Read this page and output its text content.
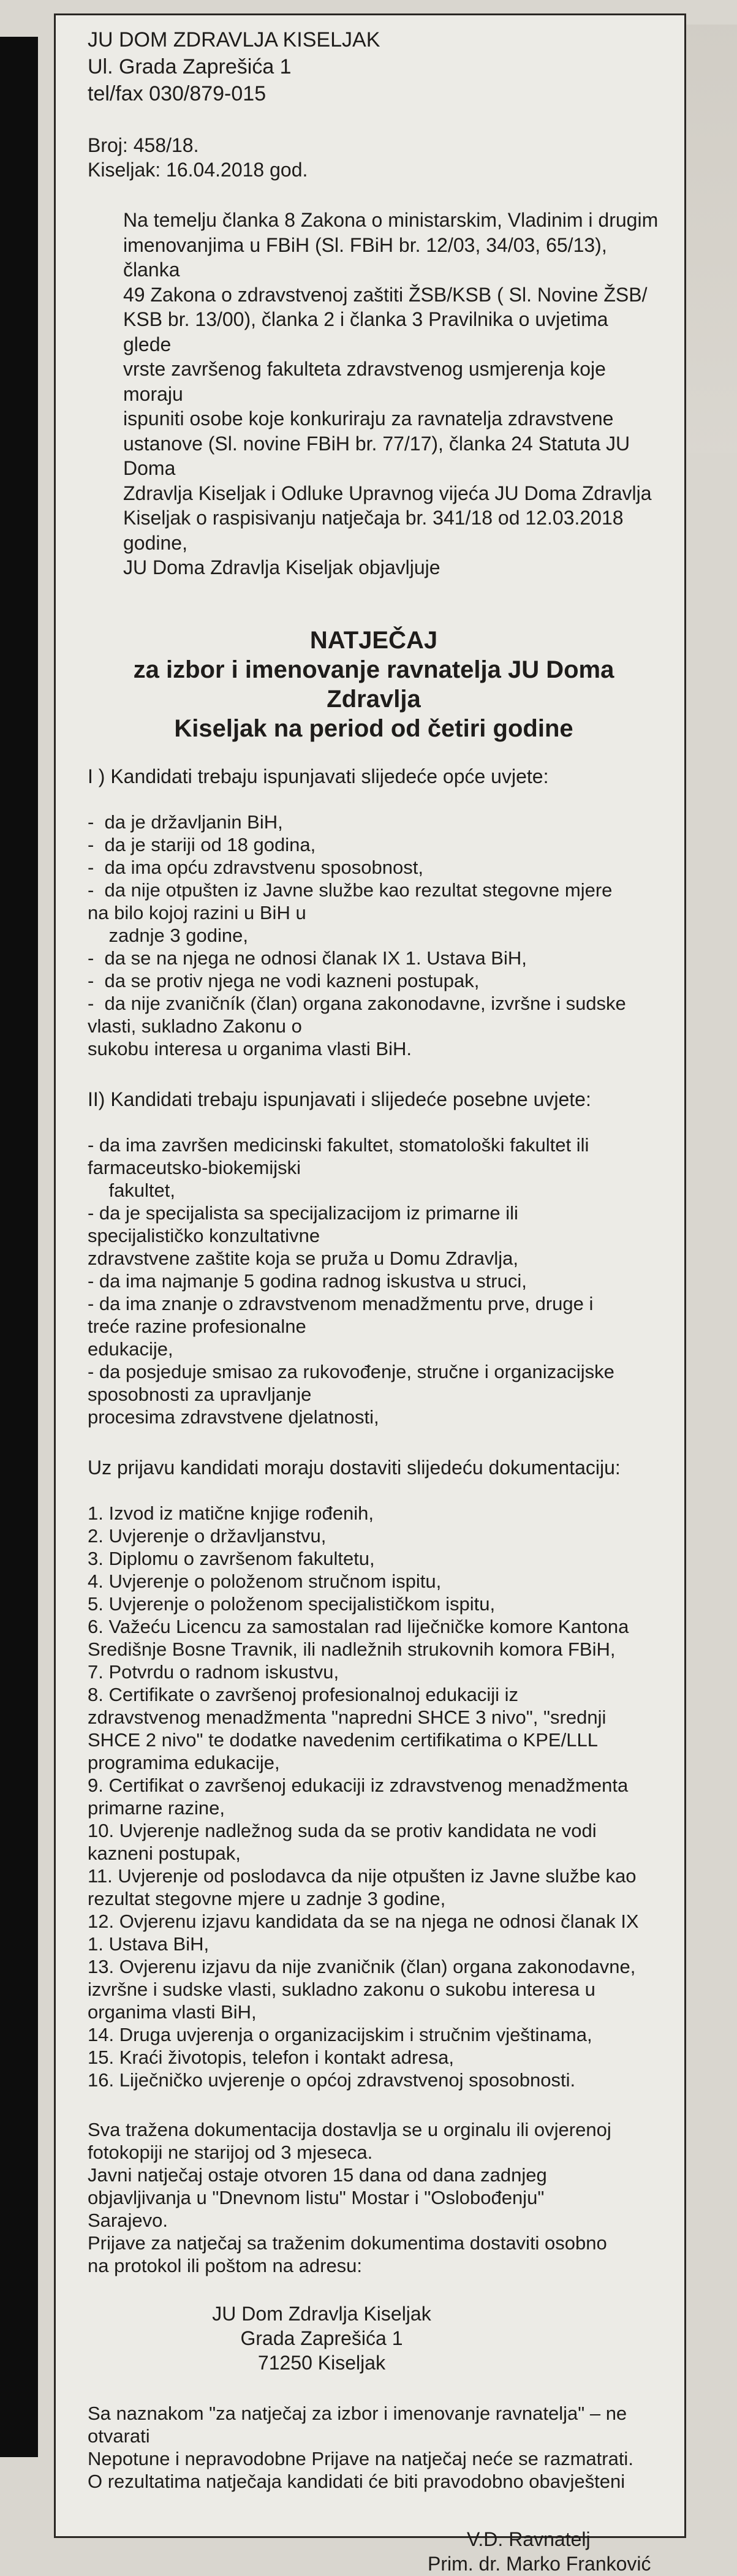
JU DOM ZDRAVLJA KISELJAK

Ul. Grada Zaprešića 1

tel/fax 030/879-015

Broj: 458/18.

Kiseljak: 16.04.2018 god.

Na temelju članka 8 Zakona o ministarskim, Vladinim i drugim
imenovanjima u FBiH (Sl. FBiH br. 12/03, 34/03, 65/13), članka
49 Zakona o zdravstvenoj zaštiti ŽSB/KSB ( Sl. Novine ŽSB/
KSB br. 13/00), članka 2 i članka 3 Pravilnika o uvjetima glede
vrste završenog fakulteta zdravstvenog usmjerenja koje moraju
ispuniti osobe koje konkuriraju za ravnatelja zdravstvene
ustanove (Sl. novine FBiH br. 77/17), članka 24 Statuta JU Doma
Zdravlja Kiseljak i Odluke Upravnog vijeća JU Doma Zdravlja
Kiseljak o raspisivanju natječaja br. 341/18 od 12.03.2018 godine,
JU Doma Zdravlja Kiseljak objavljuje
NATJEČAJ
za izbor i imenovanje ravnatelja JU Doma Zdravlja
Kiseljak na period od četiri godine
I ) Kandidati trebaju ispunjavati slijedeće opće uvjete:

-  da je državljanin BiH,

-  da je stariji od 18 godina,

-  da ima opću zdravstvenu sposobnost,

-  da nije otpušten iz Javne službe kao rezultat stegovne mjere

na bilo kojoj razini u BiH u

zadnje 3 godine,

-  da se na njega ne odnosi članak IX 1. Ustava BiH,

-  da se protiv njega ne vodi kazneni postupak,

-  da nije zvaničník (član) organa zakonodavne, izvršne i sudske

vlasti, sukladno Zakonu o

sukobu interesa u organima vlasti BiH.

II) Kandidati trebaju ispunjavati i slijedeće posebne uvjete:

- da ima završen medicinski fakultet, stomatološki fakultet ili

farmaceutsko-biokemijski

fakultet,

- da je specijalista sa specijalizacijom iz primarne ili

specijalističko konzultativne

zdravstvene zaštite koja se pruža u Domu Zdravlja,

- da ima najmanje 5 godina radnog iskustva u struci,

- da ima znanje o zdravstvenom menadžmentu prve, druge i

treće razine profesionalne

edukacije,

- da posjeduje smisao za rukovođenje, stručne i organizacijske

sposobnosti za upravljanje

procesima zdravstvene djelatnosti,

Uz prijavu kandidati moraju dostaviti slijedeću dokumentaciju:

1. Izvod iz matične knjige rođenih,

2. Uvjerenje o državljanstvu,

3. Diplomu o završenom fakultetu,

4. Uvjerenje o položenom stručnom ispitu,

5. Uvjerenje o položenom specijalističkom ispitu,

6. Važeću Licencu za samostalan rad liječničke komore Kantona

Središnje Bosne Travnik, ili nadležnih strukovnih komora FBiH,

7. Potvrdu o radnom iskustvu,

8. Certifikate o završenoj profesionalnoj edukaciji iz

zdravstvenog menadžmenta "napredni SHCE 3 nivo", "srednji

SHCE 2 nivo" te dodatke navedenim certifikatima o KPE/LLL

programima edukacije,

9. Certifikat o završenoj edukaciji iz zdravstvenog menadžmenta

primarne razine,

10. Uvjerenje nadležnog suda da se protiv kandidata ne vodi

kazneni postupak,

11. Uvjerenje od poslodavca da nije otpušten iz Javne službe kao

rezultat stegovne mjere u zadnje 3 godine,

12. Ovjerenu izjavu kandidata da se na njega ne odnosi članak IX

1. Ustava BiH,

13. Ovjerenu izjavu da nije zvaničnik (član) organa zakonodavne,

izvršne i sudske vlasti, sukladno zakonu o sukobu interesa u

organima vlasti BiH,

14. Druga uvjerenja o organizacijskim i stručnim vještinama,

15. Kraći životopis, telefon i kontakt adresa,

16. Liječničko uvjerenje o općoj zdravstvenoj sposobnosti.

Sva tražena dokumentacija dostavlja se u orginalu ili ovjerenoj

fotokopiji ne starijoj od 3 mjeseca.

Javni natječaj ostaje otvoren 15 dana od dana zadnjeg

objavljivanja u "Dnevnom listu" Mostar i "Oslobođenju"

Sarajevo.

Prijave za natječaj sa traženim dokumentima dostaviti osobno

na protokol ili poštom na adresu:

JU Dom Zdravlja Kiseljak
Grada Zaprešića 1
71250 Kiseljak

Sa naznakom "za natječaj za izbor i imenovanje ravnatelja" – ne

otvarati

Nepotune i nepravodobne Prijave na natječaj neće se razmatrati.

O rezultatima natječaja kandidati će biti pravodobno obavješteni

V.D. Ravnatelj
Prim. dr. Marko Franković
